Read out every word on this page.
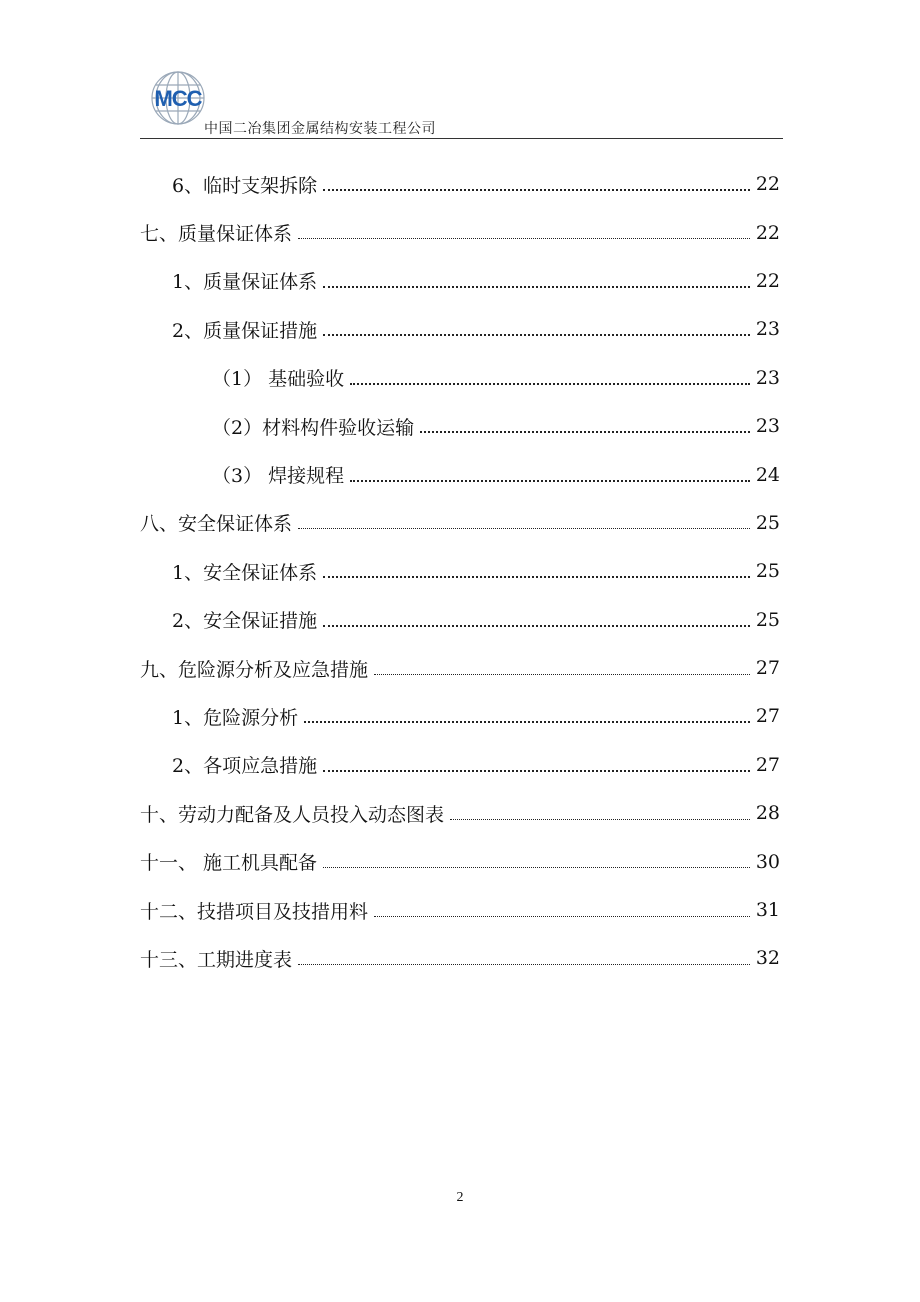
MCC
中国二冶集团金属结构安装工程公司
6、临时支架拆除	22
七、质量保证体系	22
1、质量保证体系	22
2、质量保证措施	23
（1） 基础验收	23
（2）材料构件验收运输	23
（3） 焊接规程	24
八、安全保证体系	25
1、安全保证体系	25
2、安全保证措施	25
九、危险源分析及应急措施	27
1、危险源分析	27
2、各项应急措施	27
十、劳动力配备及人员投入动态图表	28
十一、 施工机具配备	30
十二、技措项目及技措用料	31
十三、工期进度表	32
2
